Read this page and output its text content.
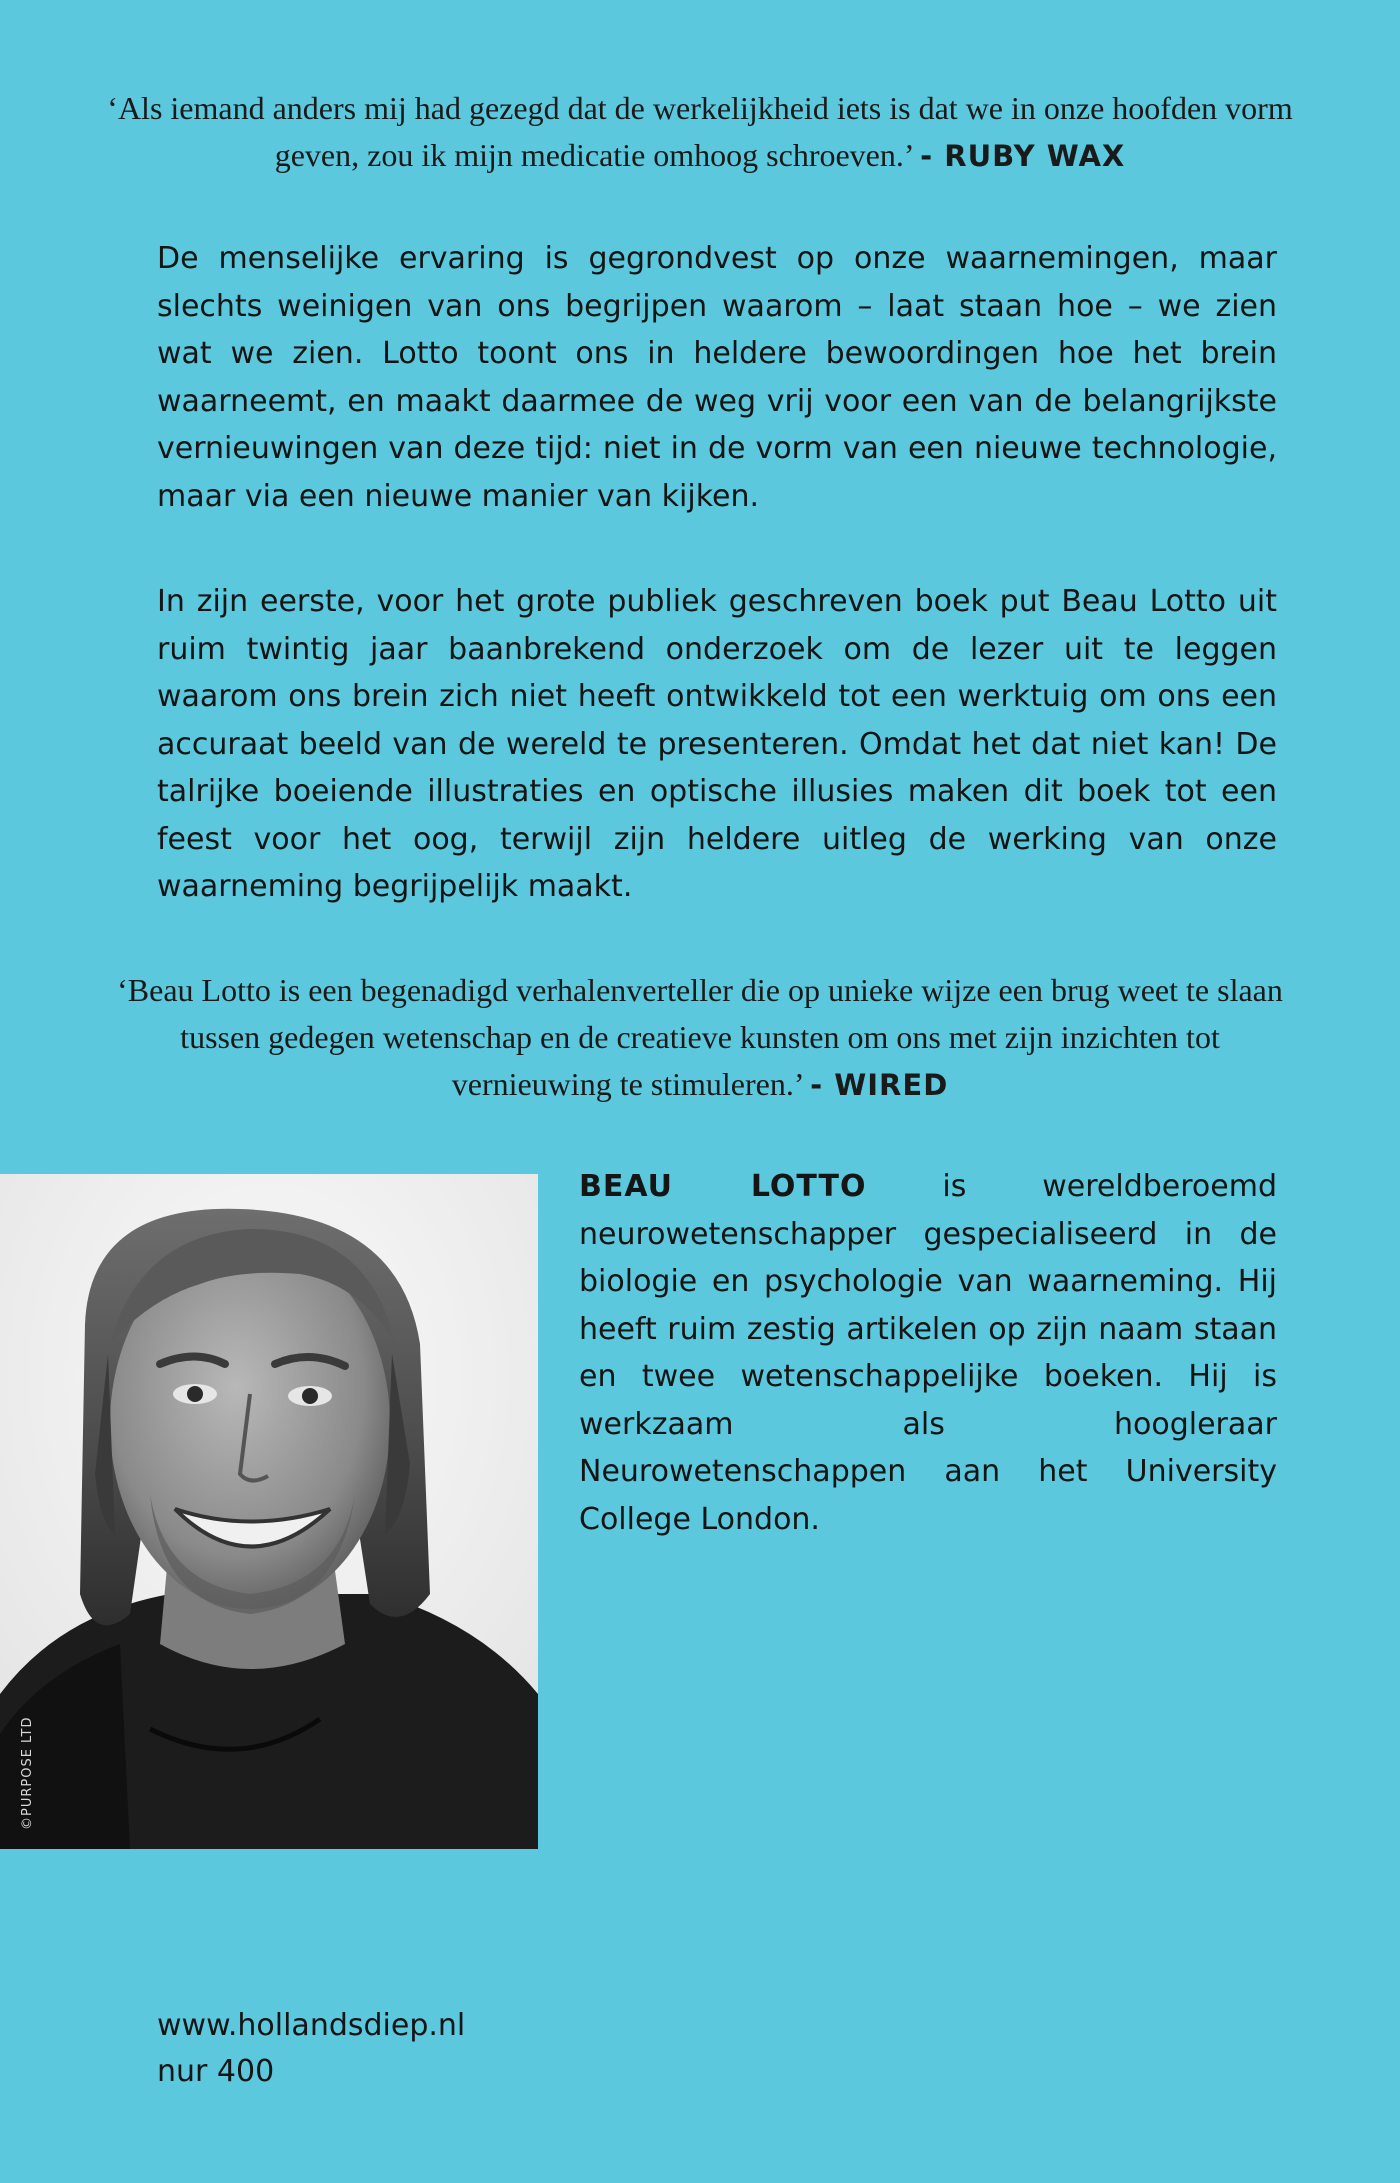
‘Als iemand anders mij had gezegd dat de werkelijkheid iets is dat we in onze hoofden vorm geven, zou ik mijn medicatie omhoog schroeven.’ - RUBY WAX
De menselijke ervaring is gegrondvest op onze waarnemingen, maar slechts weinigen van ons begrijpen waarom – laat staan hoe – we zien wat we zien. Lotto toont ons in heldere bewoordingen hoe het brein waarneemt, en maakt daarmee de weg vrij voor een van de belangrijkste vernieuwingen van deze tijd: niet in de vorm van een nieuwe technologie, maar via een nieuwe manier van kijken.
In zijn eerste, voor het grote publiek geschreven boek put Beau Lotto uit ruim twintig jaar baanbrekend onderzoek om de lezer uit te leggen waarom ons brein zich niet heeft ontwikkeld tot een werktuig om ons een accuraat beeld van de wereld te presenteren. Omdat het dat niet kan! De talrijke boeiende illustraties en optische illusies maken dit boek tot een feest voor het oog, terwijl zijn heldere uitleg de werking van onze waarneming begrijpelijk maakt.
‘Beau Lotto is een begenadigd verhalenverteller die op unieke wijze een brug weet te slaan tussen gedegen wetenschap en de creatieve kunsten om ons met zijn inzichten tot vernieuwing te stimuleren.’ - WIRED
©PURPOSE LTD
BEAU LOTTO is wereldberoemd neurowetenschapper gespecialiseerd in de biologie en psychologie van waarneming. Hij heeft ruim zestig artikelen op zijn naam staan en twee wetenschappelijke boeken. Hij is werkzaam als hoogleraar Neurowetenschappen aan het University College London.
www.hollandsdiep.nl
nur 400
